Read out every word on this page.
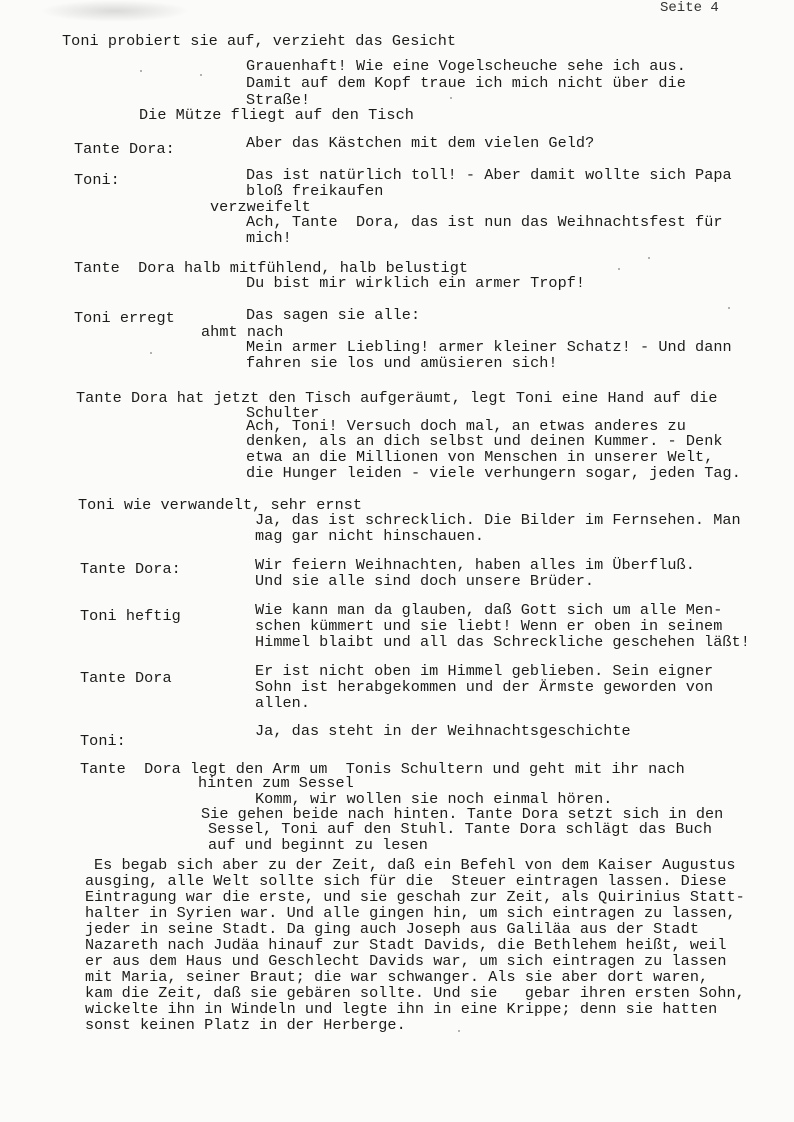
Seite 4
Toni probiert sie auf, verzieht das Gesicht
Grauenhaft! Wie eine Vogelscheuche sehe ich aus.
Damit auf dem Kopf traue ich mich nicht über die
Straße!
Die Mütze fliegt auf den Tisch
Tante Dora:	Aber das Kästchen mit dem vielen Geld?
Toni:	Das ist natürlich toll! - Aber damit wollte sich Papa
bloß freikaufen
verzweifelt
Ach, Tante  Dora, das ist nun das Weihnachtsfest für
mich!
Tante  Dora halb mitfühlend, halb belustigt
Du bist mir wirklich ein armer Tropf!
Toni erregt	Das sagen sie alle:
ahmt nach
Mein armer Liebling! armer kleiner Schatz! - Und dann
fahren sie los und amüsieren sich!
Tante Dora hat jetzt den Tisch aufgeräumt, legt Toni eine Hand auf die
Schulter
Ach, Toni! Versuch doch mal, an etwas anderes zu
denken, als an dich selbst und deinen Kummer. - Denk
etwa an die Millionen von Menschen in unserer Welt,
die Hunger leiden - viele verhungern sogar, jeden Tag.
Toni wie verwandelt, sehr ernst
Ja, das ist schrecklich. Die Bilder im Fernsehen. Man
mag gar nicht hinschauen.
Tante Dora:	Wir feiern Weihnachten, haben alles im Überfluß.
Und sie alle sind doch unsere Brüder.
Toni heftig	Wie kann man da glauben, daß Gott sich um alle Men-
schen kümmert und sie liebt! Wenn er oben in seinem
Himmel blaibt und all das Schreckliche geschehen läßt!
Tante Dora	Er ist nicht oben im Himmel geblieben. Sein eigner
Sohn ist herabgekommen und der Ärmste geworden von
allen.
Toni:
Ja, das steht in der Weihnachtsgeschichte
Tante  Dora legt den Arm um  Tonis Schultern und geht mit ihr nach
hinten zum Sessel
Komm, wir wollen sie noch einmal hören.
Sie gehen beide nach hinten. Tante Dora setzt sich in den
Sessel, Toni auf den Stuhl. Tante Dora schlägt das Buch
auf und beginnt zu lesen
Es begab sich aber zu der Zeit, daß ein Befehl von dem Kaiser Augustus
ausging, alle Welt sollte sich für die  Steuer eintragen lassen. Diese
Eintragung war die erste, und sie geschah zur Zeit, als Quirinius Statt-
halter in Syrien war. Und alle gingen hin, um sich eintragen zu lassen,
jeder in seine Stadt. Da ging auch Joseph aus Galiläa aus der Stadt
Nazareth nach Judäa hinauf zur Stadt Davids, die Bethlehem heißt, weil
er aus dem Haus und Geschlecht Davids war, um sich eintragen zu lassen
mit Maria, seiner Braut; die war schwanger. Als sie aber dort waren,
kam die Zeit, daß sie gebären sollte. Und sie   gebar ihren ersten Sohn,
wickelte ihn in Windeln und legte ihn in eine Krippe; denn sie hatten
sonst keinen Platz in der Herberge.
